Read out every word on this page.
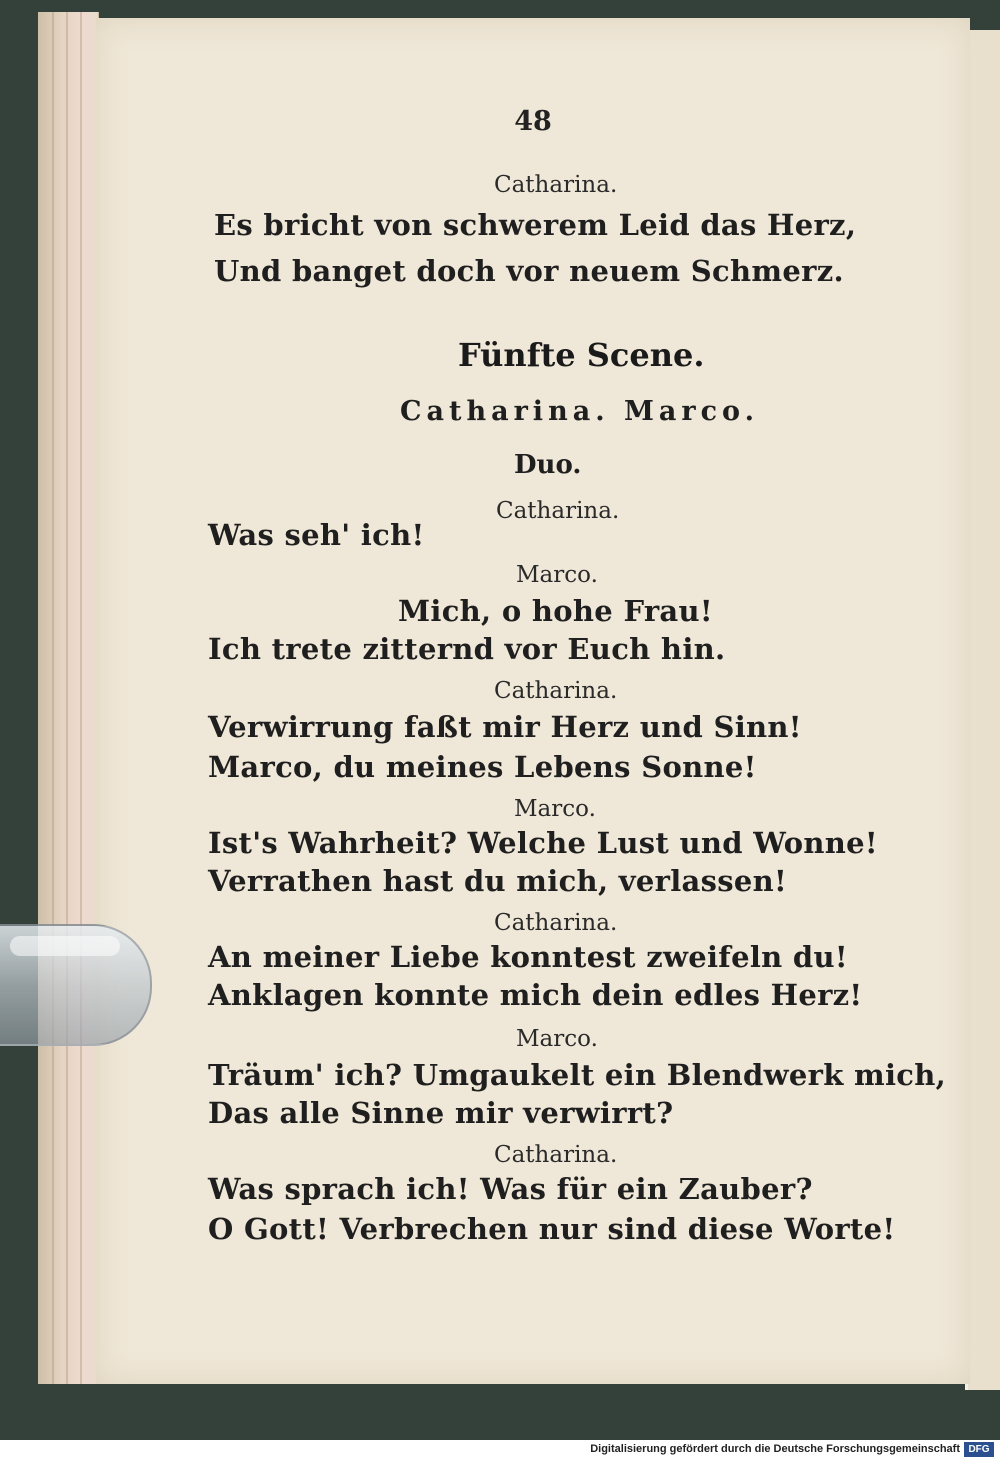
48
Catharina.
Es bricht von schwerem Leid das Herz,
Und banget doch vor neuem Schmerz.
Fünfte Scene.
Catharina. Marco.
Duo.
Catharina.
Was seh' ich!
Marco.
Mich, o hohe Frau!
Ich trete zitternd vor Euch hin.
Catharina.
Verwirrung faßt mir Herz und Sinn!
Marco, du meines Lebens Sonne!
Marco.
Ist's Wahrheit? Welche Lust und Wonne!
Verrathen hast du mich, verlassen!
Catharina.
An meiner Liebe konntest zweifeln du!
Anklagen konnte mich dein edles Herz!
Marco.
Träum' ich? Umgaukelt ein Blendwerk mich,
Das alle Sinne mir verwirrt?
Catharina.
Was sprach ich! Was für ein Zauber?
O Gott! Verbrechen nur sind diese Worte!
Digitalisierung gefördert durch die Deutsche Forschungsgemeinschaft DFG
